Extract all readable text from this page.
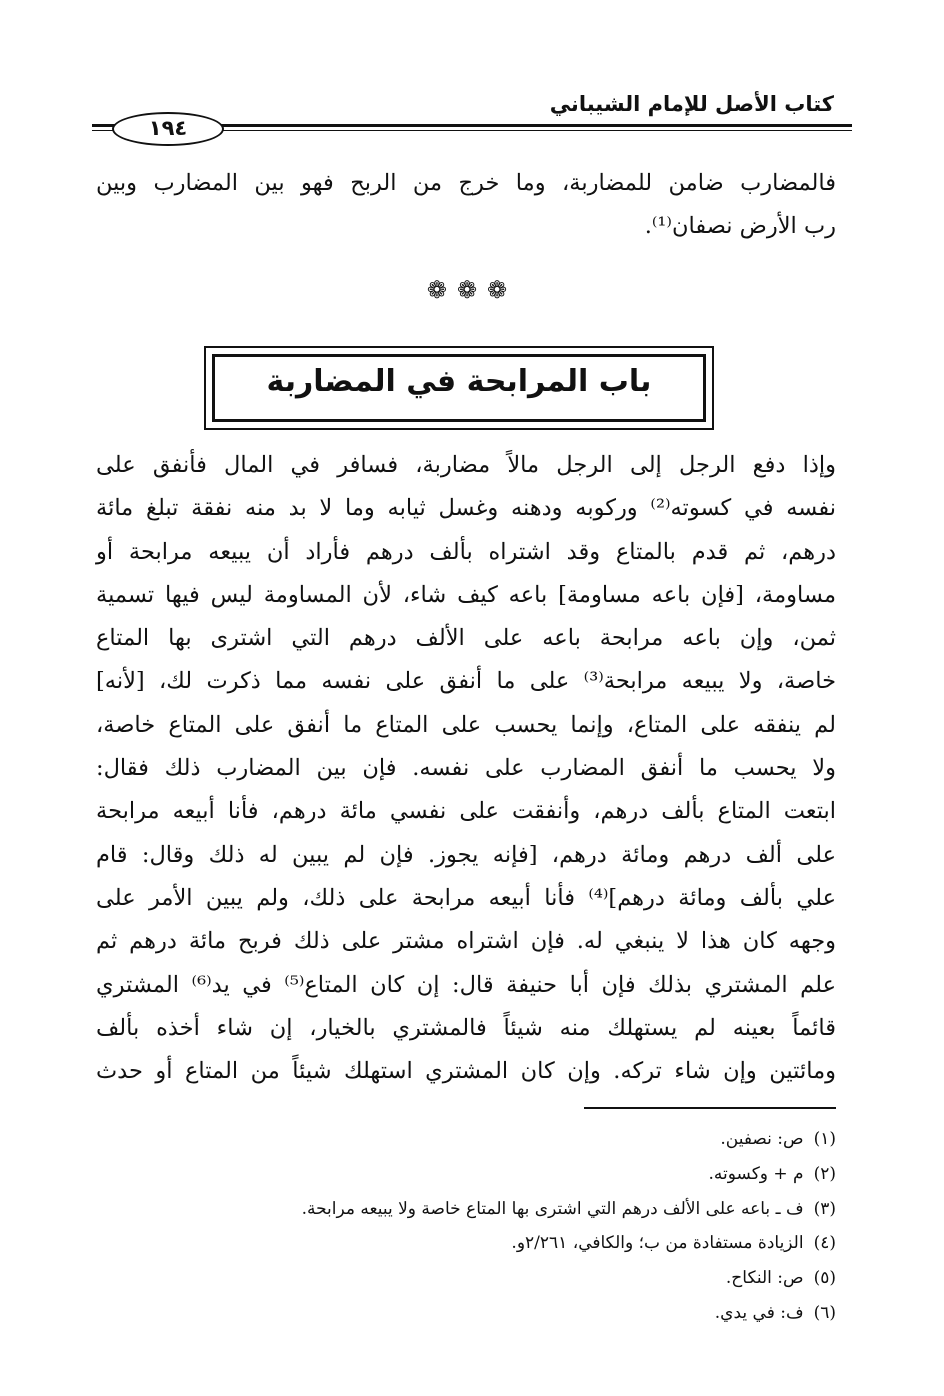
كتاب الأصل للإمام الشيباني
١٩٤
فالمضارب ضامن للمضاربة، وما خرج من الربح فهو بين المضارب وبين
رب الأرض نصفان⁽¹⁾.
❁❁❁
باب المرابحة في المضاربة
وإذا دفع الرجل إلى الرجل مالاً مضاربة، فسافر في المال فأنفق على
نفسه في كسوته⁽²⁾ وركوبه ودهنه وغسل ثيابه وما لا بد منه نفقة تبلغ مائة
درهم، ثم قدم بالمتاع وقد اشتراه بألف درهم فأراد أن يبيعه مرابحة أو
مساومة، [فإن باعه مساومة] باعه كيف شاء، لأن المساومة ليس فيها تسمية
ثمن، وإن باعه مرابحة باعه على الألف درهم التي اشترى بها المتاع
خاصة، ولا يبيعه مرابحة⁽³⁾ على ما أنفق على نفسه مما ذكرت لك، [لأنه]
لم ينفقه على المتاع، وإنما يحسب على المتاع ما أنفق على المتاع خاصة،
ولا يحسب ما أنفق المضارب على نفسه. فإن بين المضارب ذلك فقال:
ابتعت المتاع بألف درهم، وأنفقت على نفسي مائة درهم، فأنا أبيعه مرابحة
على ألف درهم ومائة درهم، [فإنه يجوز. فإن لم يبين له ذلك وقال: قام
علي بألف ومائة درهم]⁽⁴⁾ فأنا أبيعه مرابحة على ذلك، ولم يبين الأمر على
وجهه كان هذا لا ينبغي له. فإن اشتراه مشتر على ذلك فربح مائة درهم ثم
علم المشتري بذلك فإن أبا حنيفة قال: إن كان المتاع⁽⁵⁾ في يد⁽⁶⁾ المشتري
قائماً بعينه لم يستهلك منه شيئاً فالمشتري بالخيار، إن شاء أخذه بألف
ومائتين وإن شاء تركه. وإن كان المشتري استهلك شيئاً من المتاع أو حدث
(١)ص: نصفين.
(٢)م + وكسوته.
(٣)ف ـ باعه على الألف درهم التي اشترى بها المتاع خاصة ولا يبيعه مرابحة.
(٤)الزيادة مستفادة من ب؛ والكافي، ٢/٢٦١و.
(٥)ص: النكاح.
(٦)ف: في يدي.
